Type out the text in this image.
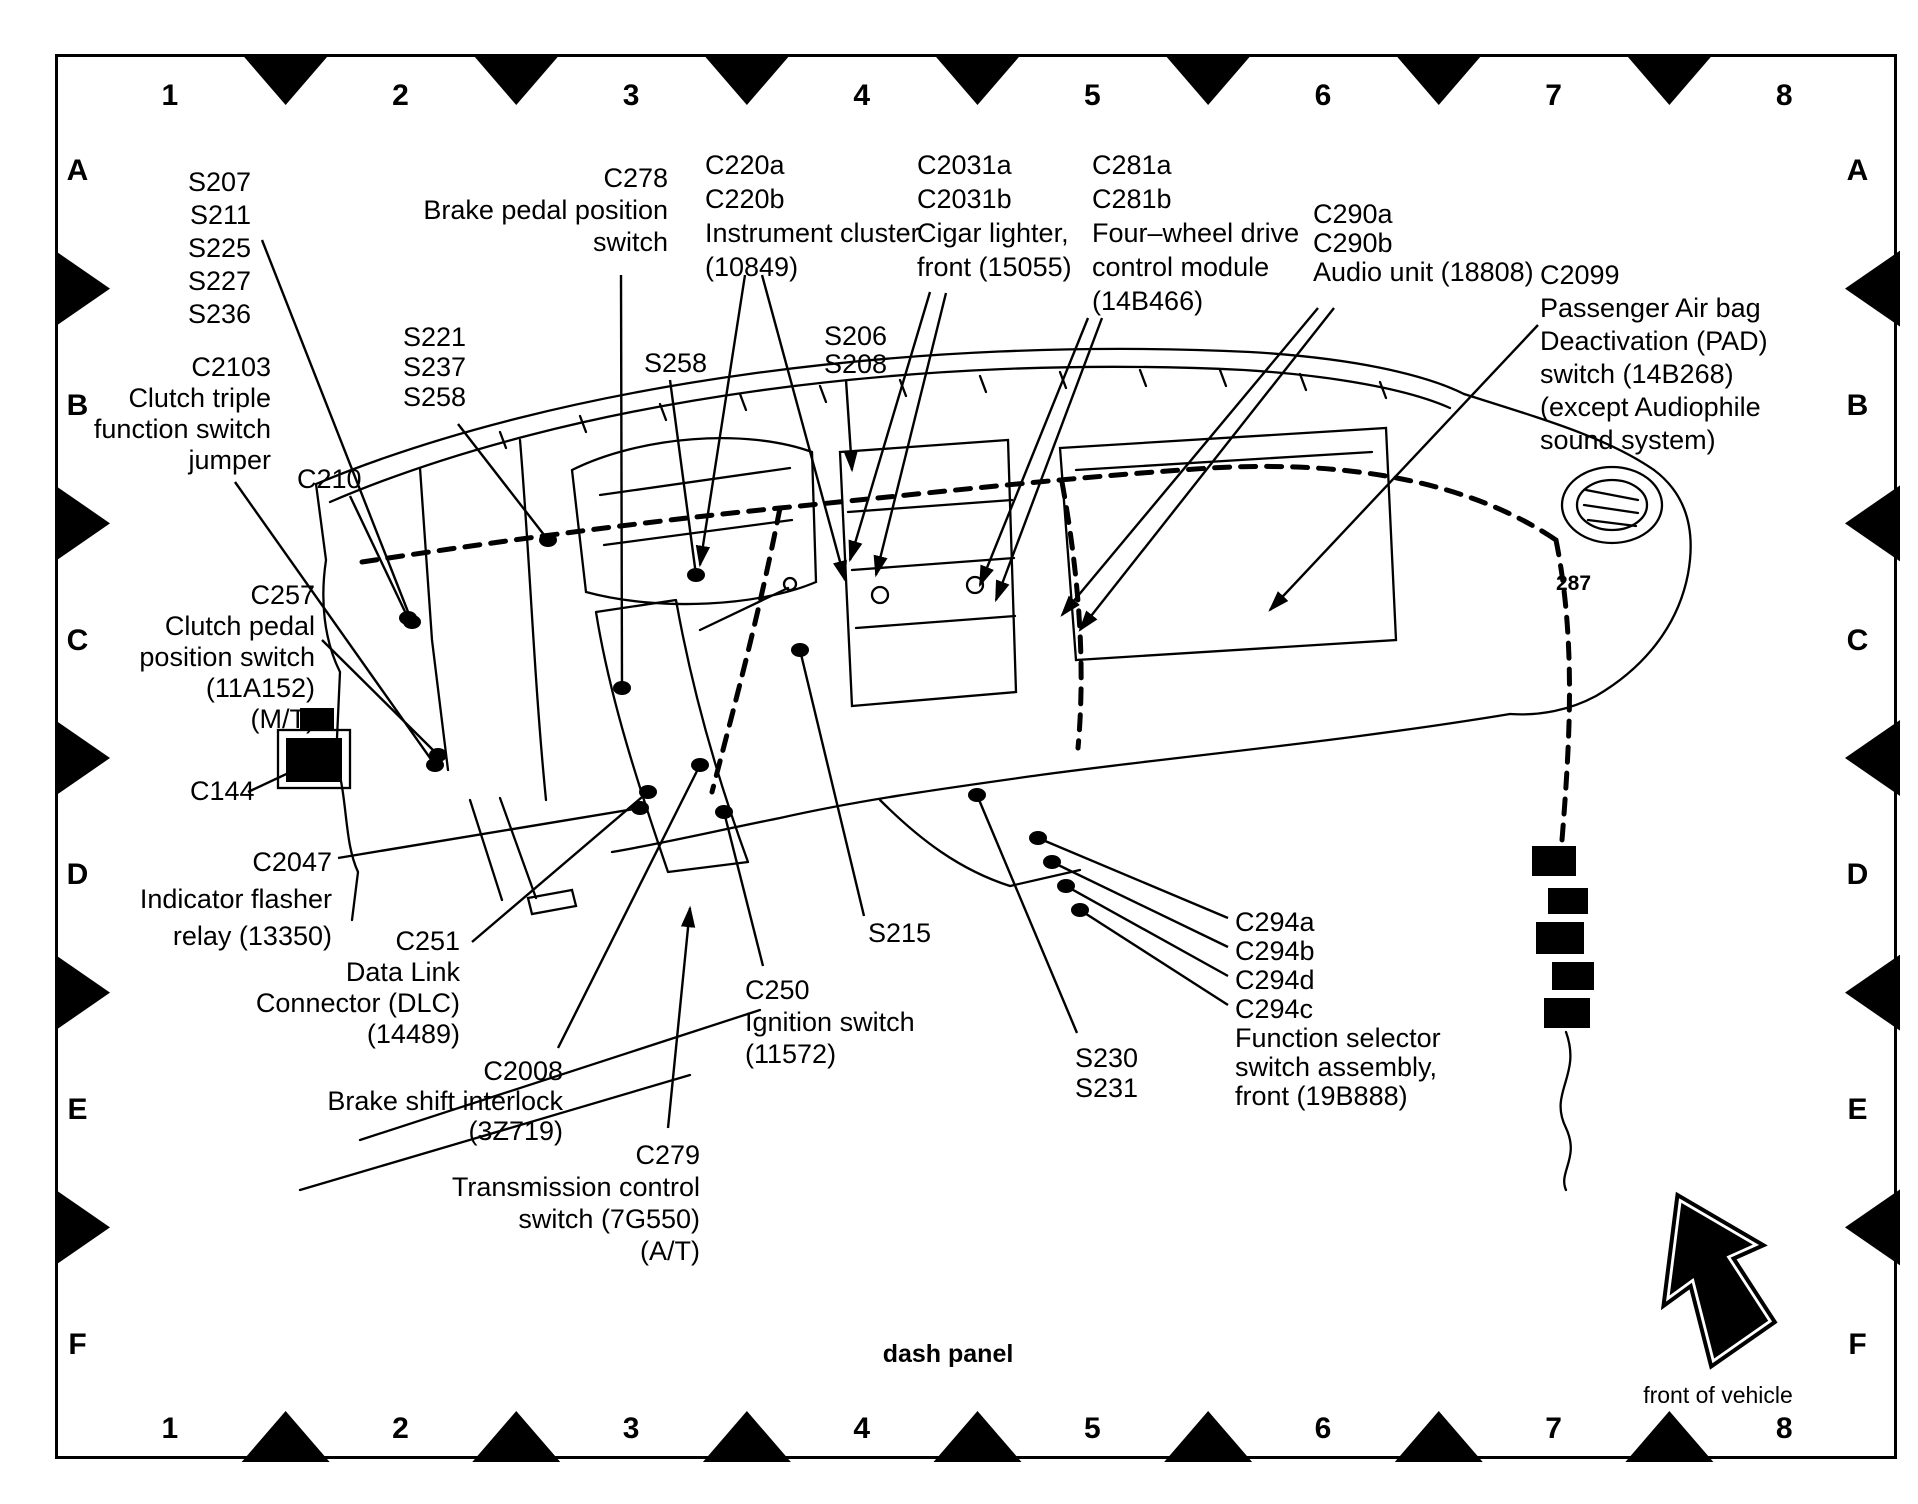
dash panel
front of vehicle
287
1
1
2
2
3
3
4
4
5
5
6
6
7
7
8
8
A	A
B	B
C	C
D	D
E	E
F	F
S207
S211
S225
S227
S236
C2103
Clutch triple
function switch
jumper
S221
S237
S258
C210
C257
Clutch pedal
position switch
(11A152)
(M/T)
C144
C2047
Indicator flasher
relay (13350)	C251
Data Link
Connector (DLC)
(14489)
C2008
Brake shift interlock
(3Z719)
C279
Transmission control
switch (7G550)
(A/T)
C250
Ignition switch
(11572)
S215
S230
S231
C294a
C294b
C294d
C294c
Function selector
switch assembly,
front (19B888)
C278
Brake pedal position
switch
S258
C220a
C220b
Instrument cluster
(10849)
S206
S208
C2031a
C2031b
Cigar lighter,
front (15055)
C281a
C281b
Four–wheel drive
control module
(14B466)
C290a
C290b
Audio unit (18808) C2099
Passenger Air bag
Deactivation (PAD)
switch (14B268)
(except Audiophile
sound system)
